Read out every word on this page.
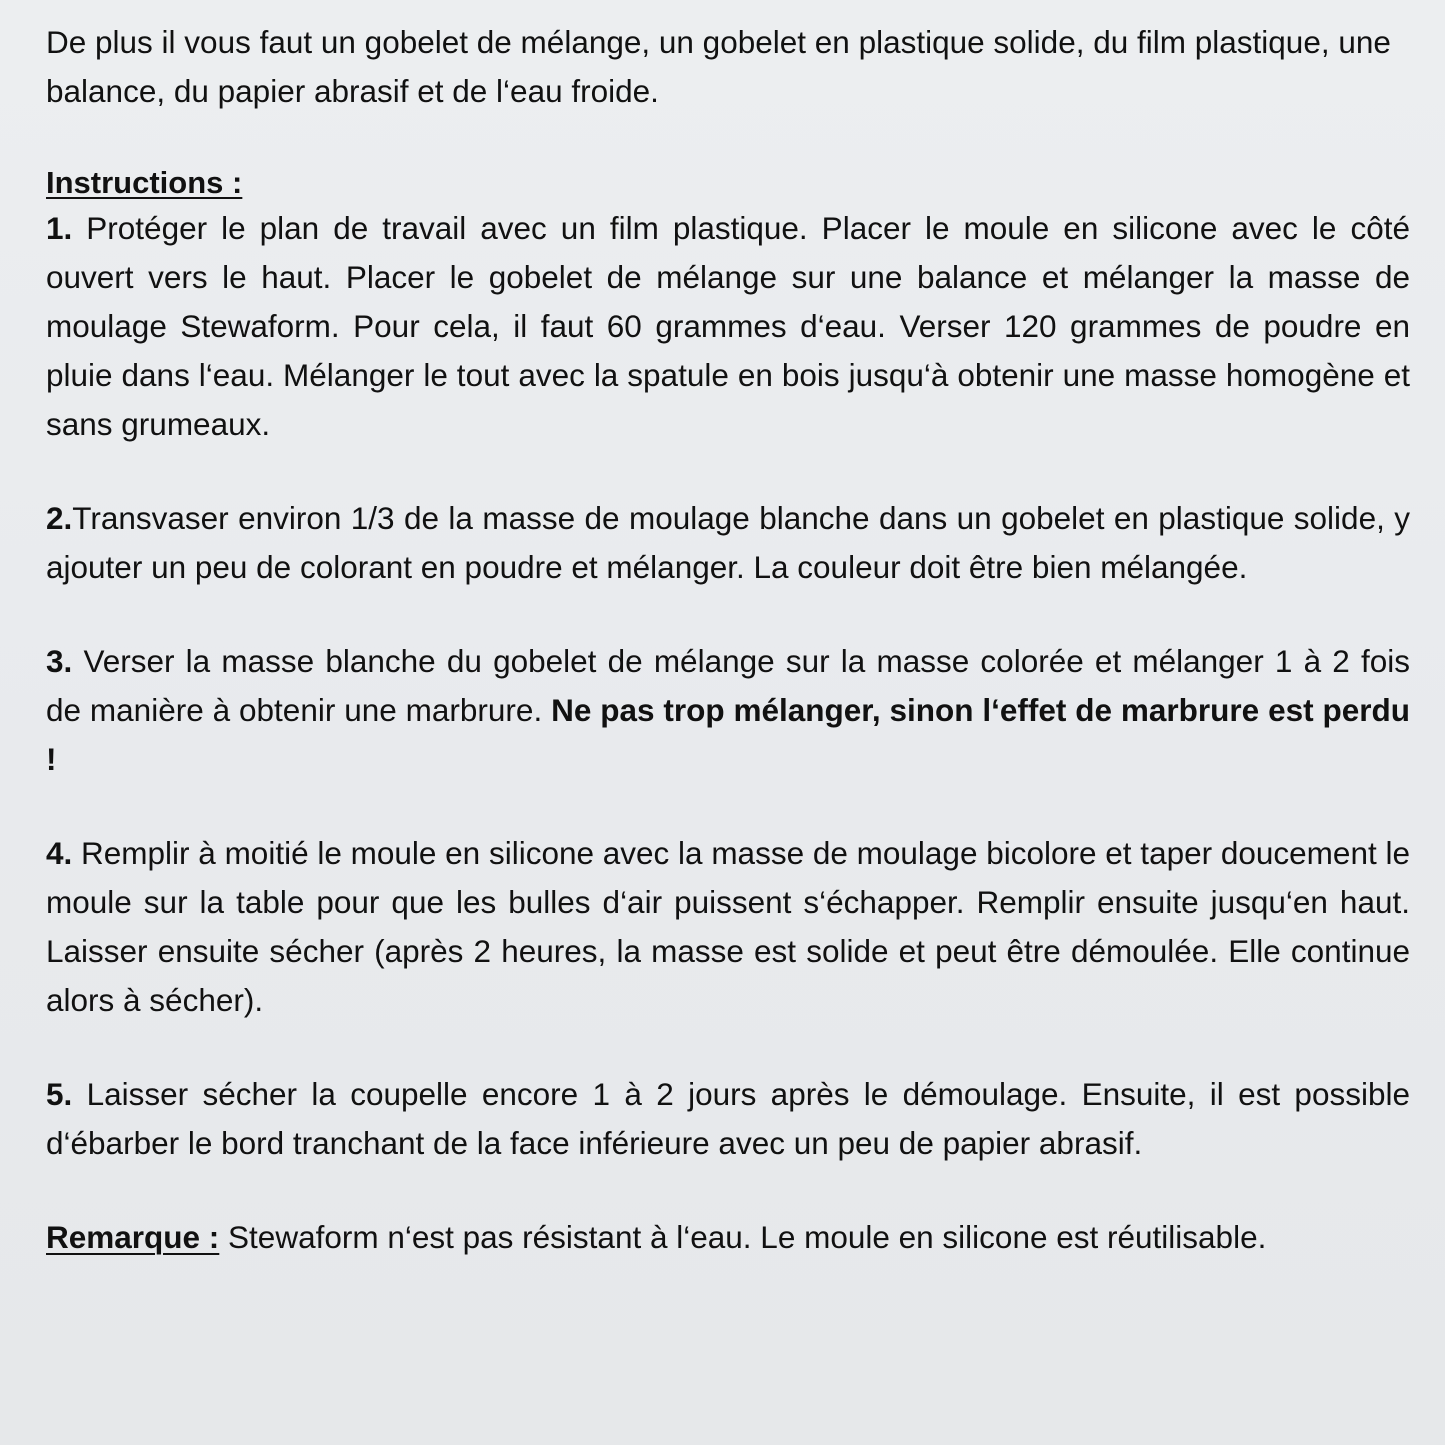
De plus il vous faut un gobelet de mélange, un gobelet en plastique solide, du film plastique, une balance, du papier abrasif et de l‘eau froide.

Instructions :

1. Protéger le plan de travail avec un film plastique. Placer le moule en silicone avec le côté ouvert vers le haut. Placer le gobelet de mélange sur une balance et mélanger la masse de moulage Stewaform. Pour cela, il faut 60 grammes d‘eau. Verser 120 grammes de poudre en pluie dans l‘eau. Mélanger le tout avec la spatule en bois jusqu‘à obtenir une masse homogène et sans grumeaux.

2.Transvaser environ 1/3 de la masse de moulage blanche dans un gobelet en plastique solide, y ajouter un peu de colorant en poudre et mélanger. La couleur doit être bien mélangée.

3. Verser la masse blanche du gobelet de mélange sur la masse colorée et mélanger 1 à 2 fois de manière à obtenir une marbrure. Ne pas trop mélanger, sinon l‘effet de marbrure est perdu !

4. Remplir à moitié le moule en silicone avec la masse de moulage bicolore et taper doucement le moule sur la table pour que les bulles d‘air puissent s‘échapper. Remplir ensuite jusqu‘en haut. Laisser ensuite sécher (après 2 heures, la masse est solide et peut être démoulée. Elle continue alors à sécher).

5. Laisser sécher la coupelle encore 1 à 2 jours après le démoulage. Ensuite, il est possible d‘ébarber le bord tranchant de la face inférieure avec un peu de papier abrasif.

Remarque : Stewaform n‘est pas résistant à l‘eau. Le moule en silicone est réutilisable.
